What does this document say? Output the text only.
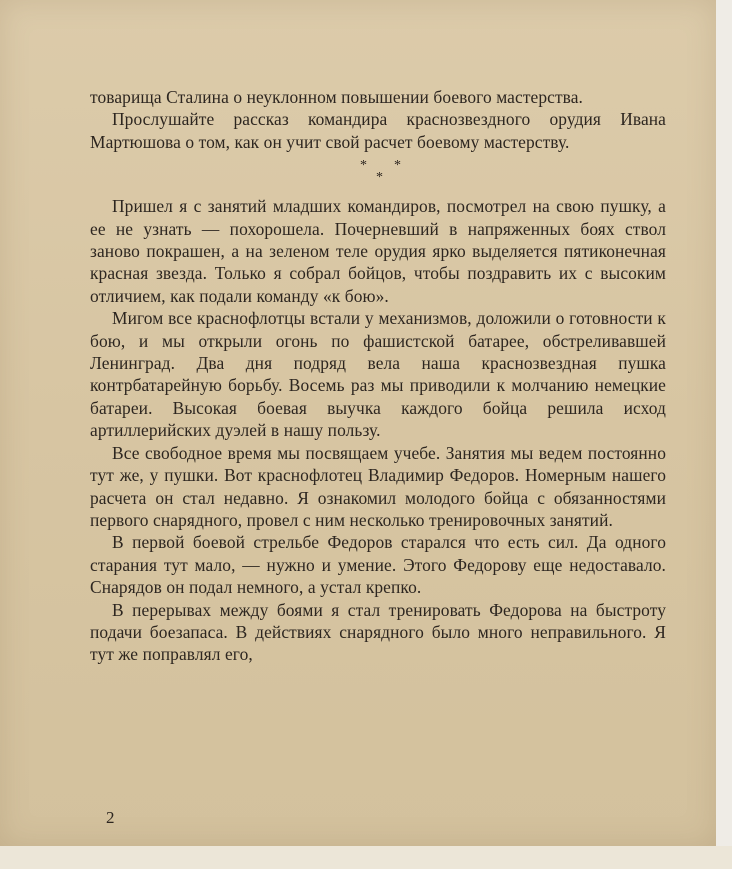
товарища Сталина о неуклонном повышении боевого мастерства.

Прослушайте рассказ командира краснозвездного орудия Ивана Мартюшова о том, как он учит свой расчет боевому мастерству.

* *
*

Пришел я с занятий младших командиров, посмотрел на свою пушку, а ее не узнать — похорошела. Почерневший в напряженных боях ствол заново покрашен, а на зеленом теле орудия ярко выделяется пятиконечная красная звезда. Только я собрал бойцов, чтобы поздравить их с высоким отличием, как подали команду «к бою».

Мигом все краснофлотцы встали у механизмов, доложили о готовности к бою, и мы открыли огонь по фашистской батарее, обстреливавшей Ленинград. Два дня подряд вела наша краснозвездная пушка контрбатарейную борьбу. Восемь раз мы приводили к молчанию немецкие батареи. Высокая боевая выучка каждого бойца решила исход артиллерийских дуэлей в нашу пользу.

Все свободное время мы посвящаем учебе. Занятия мы ведем постоянно тут же, у пушки. Вот краснофлотец Владимир Федоров. Номерным нашего расчета он стал недавно. Я ознакомил молодого бойца с обязанностями первого снарядного, провел с ним несколько тренировочных занятий.

В первой боевой стрельбе Федоров старался что есть сил. Да одного старания тут мало, — нужно и умение. Этого Федорову еще недоставало. Снарядов он подал немного, а устал крепко.

В перерывах между боями я стал тренировать Федорова на быстроту подачи боезапаса. В действиях снарядного было много неправильного. Я тут же поправлял его,

2
